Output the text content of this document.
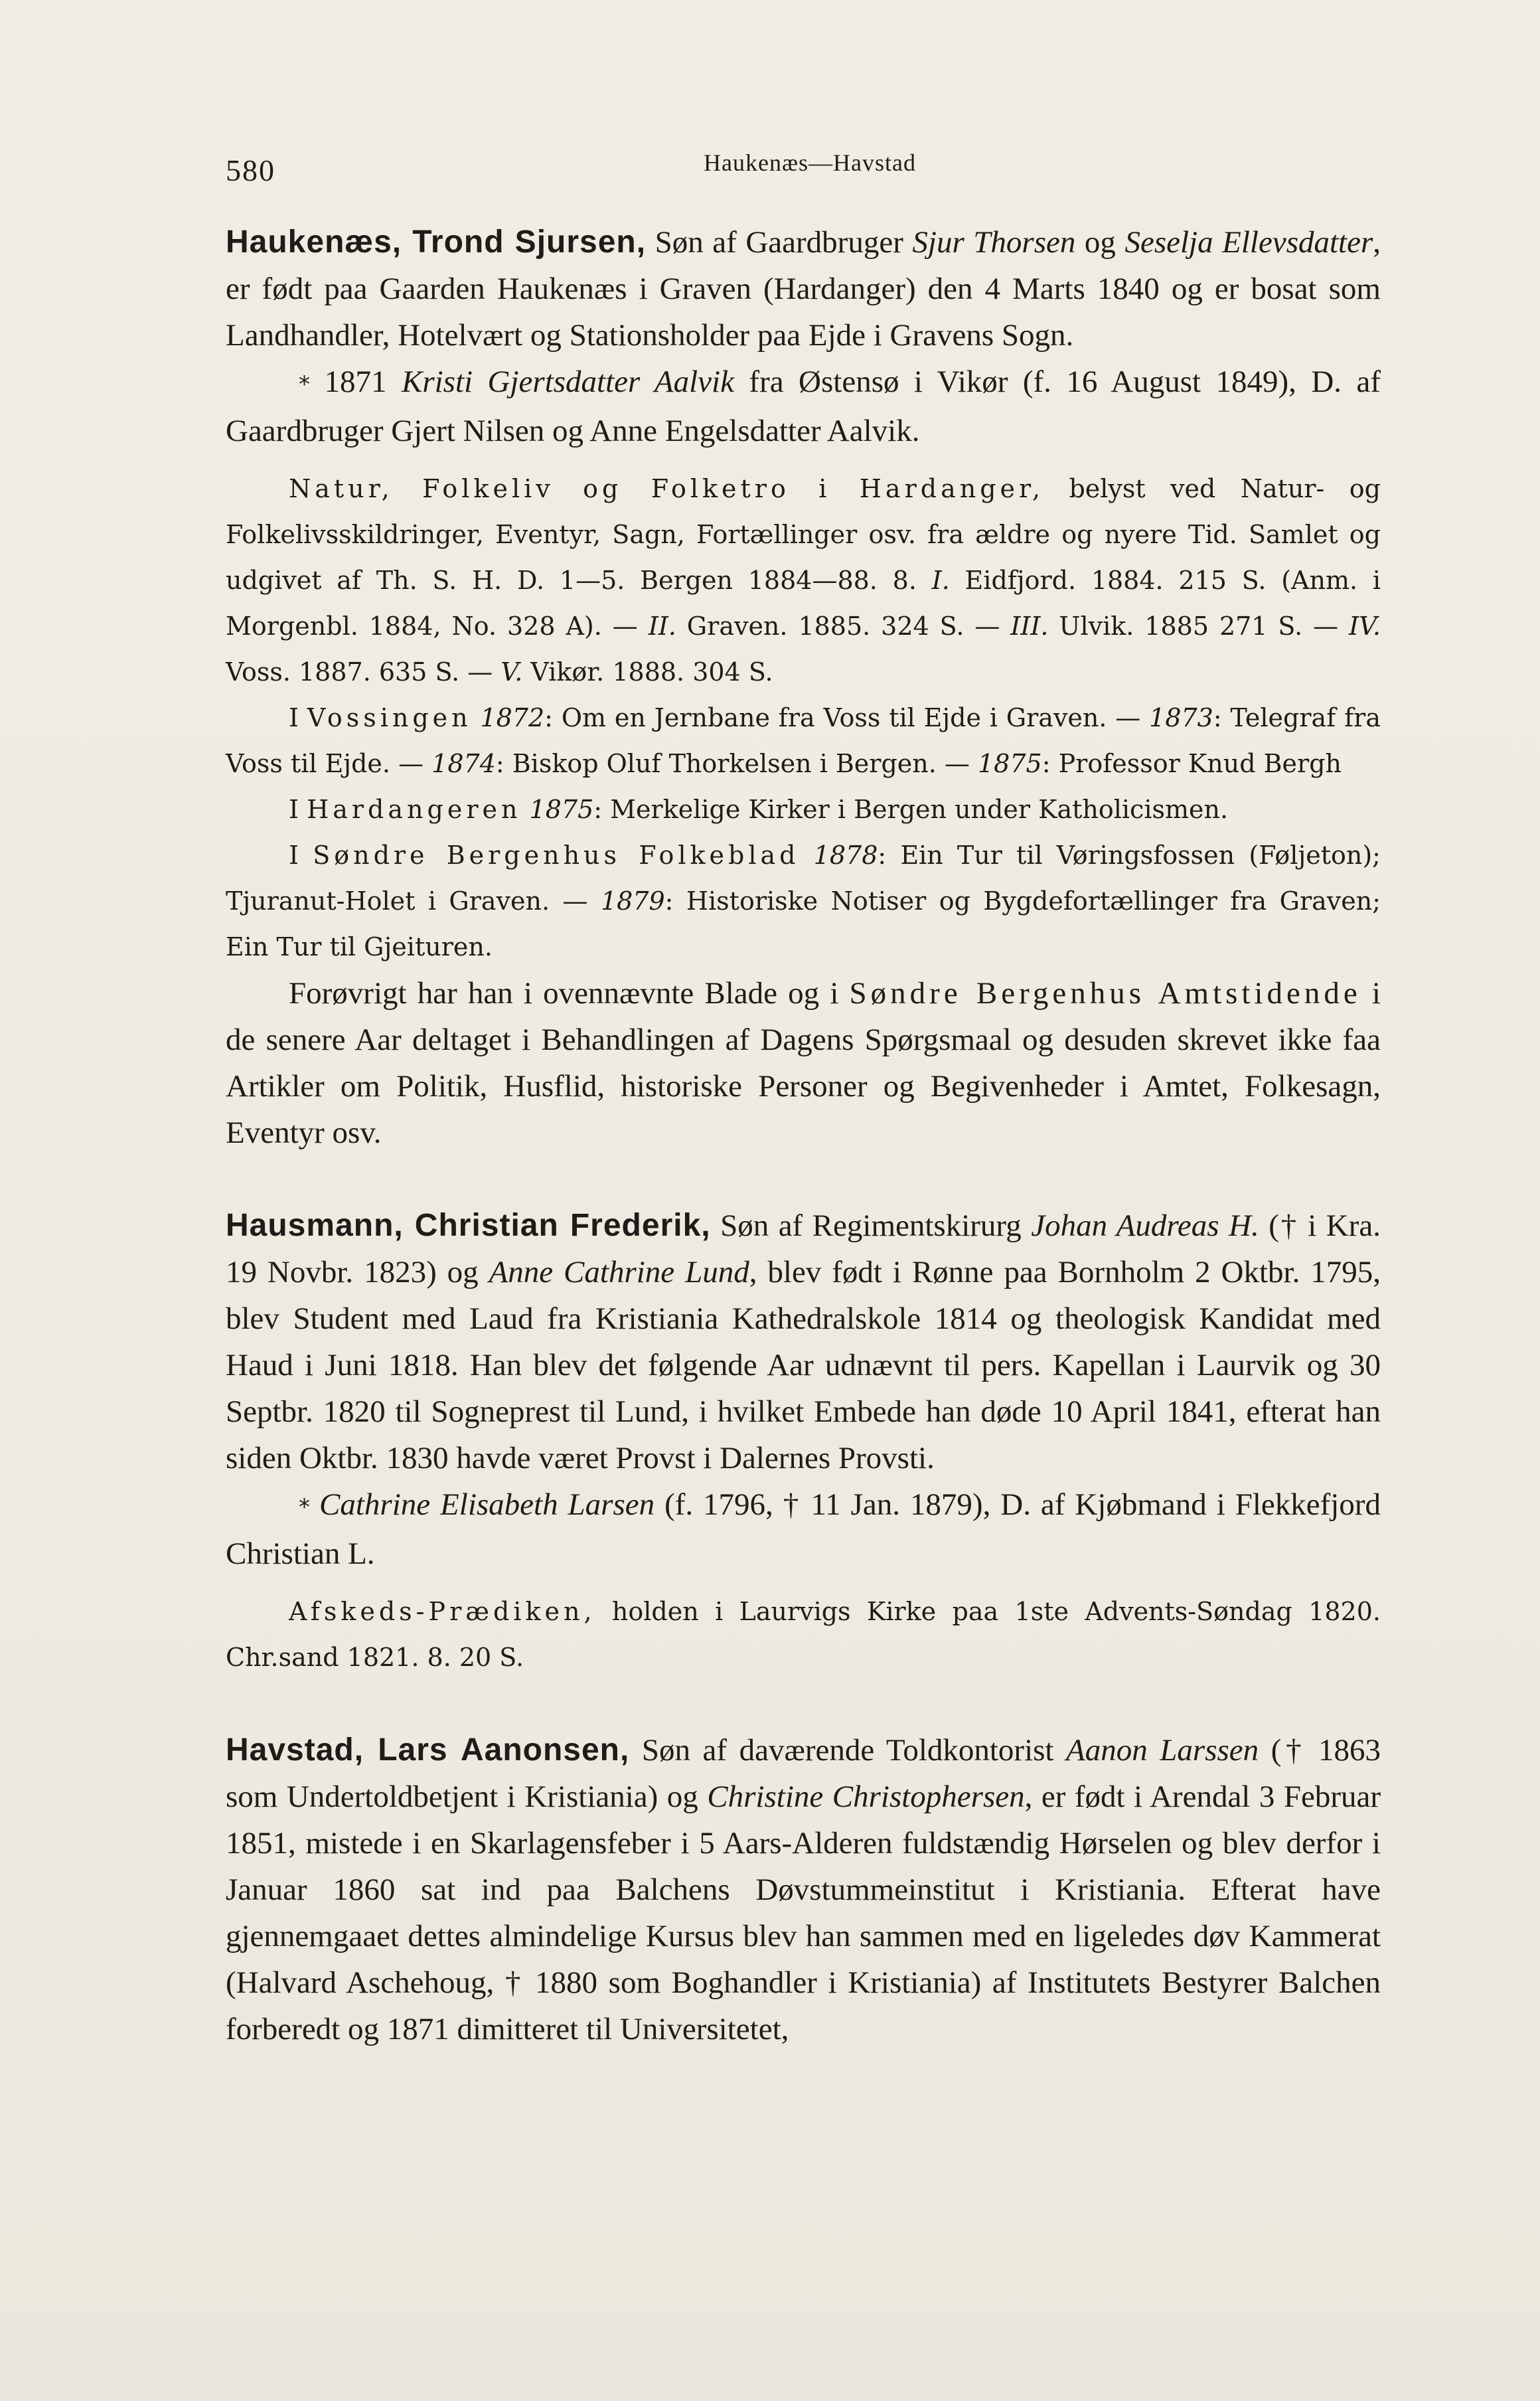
580	Haukenæs—Havstad

Haukenæs, Trond Sjursen, Søn af Gaardbruger Sjur Thorsen og Seselja Ellevsdatter, er født paa Gaarden Haukenæs i Graven (Hardanger) den 4 Marts 1840 og er bosat som Landhandler, Hotelvært og Stationsholder paa Ejde i Gravens Sogn.

* 1871 Kristi Gjertsdatter Aalvik fra Østensø i Vikør (f. 16 August 1849), D. af Gaardbruger Gjert Nilsen og Anne Engelsdatter Aalvik.

Natur, Folkeliv og Folketro i Hardanger, belyst ved Natur- og Folkelivsskildringer, Eventyr, Sagn, Fortællinger osv. fra ældre og nyere Tid. Samlet og udgivet af Th. S. H. D. 1—5. Bergen 1884—88. 8. I. Eidfjord. 1884. 215 S. (Anm. i Morgenbl. 1884, No. 328 A). — II. Graven. 1885. 324 S. — III. Ulvik. 1885 271 S. — IV. Voss. 1887. 635 S. — V. Vikør. 1888. 304 S.

I Vossingen 1872: Om en Jernbane fra Voss til Ejde i Graven. — 1873: Telegraf fra Voss til Ejde. — 1874: Biskop Oluf Thorkelsen i Bergen. — 1875: Professor Knud Bergh

I Hardangeren 1875: Merkelige Kirker i Bergen under Katholicismen.

I Søndre Bergenhus Folkeblad 1878: Ein Tur til Vøringsfossen (Føljeton); Tjuranut-Holet i Graven. — 1879: Historiske Notiser og Bygdefortællinger fra Graven; Ein Tur til Gjeituren.

Forøvrigt har han i ovennævnte Blade og i Søndre Bergenhus Amtstidende i de senere Aar deltaget i Behandlingen af Dagens Spørgsmaal og desuden skrevet ikke faa Artikler om Politik, Husflid, historiske Personer og Begivenheder i Amtet, Folkesagn, Eventyr osv.

Hausmann, Christian Frederik, Søn af Regimentskirurg Johan Audreas H. († i Kra. 19 Novbr. 1823) og Anne Cathrine Lund, blev født i Rønne paa Bornholm 2 Oktbr. 1795, blev Student med Laud fra Kristiania Kathedralskole 1814 og theologisk Kandidat med Haud i Juni 1818. Han blev det følgende Aar udnævnt til pers. Kapellan i Laurvik og 30 Septbr. 1820 til Sogneprest til Lund, i hvilket Embede han døde 10 April 1841, efterat han siden Oktbr. 1830 havde været Provst i Dalernes Provsti.

* Cathrine Elisabeth Larsen (f. 1796, † 11 Jan. 1879), D. af Kjøbmand i Flekkefjord Christian L.

Afskeds-Prædiken, holden i Laurvigs Kirke paa 1ste Advents-Søndag 1820. Chr.sand 1821. 8. 20 S.

Havstad, Lars Aanonsen, Søn af daværende Toldkontorist Aanon Larssen († 1863 som Undertoldbetjent i Kristiania) og Christine Christophersen, er født i Arendal 3 Februar 1851, mistede i en Skarlagensfeber i 5 Aars-Alderen fuldstændig Hørselen og blev derfor i Januar 1860 sat ind paa Balchens Døvstummeinstitut i Kristiania. Efterat have gjennemgaaet dettes almindelige Kursus blev han sammen med en ligeledes døv Kammerat (Halvard Aschehoug, † 1880 som Boghandler i Kristiania) af Institutets Bestyrer Balchen forberedt og 1871 dimitteret til Universitetet,
